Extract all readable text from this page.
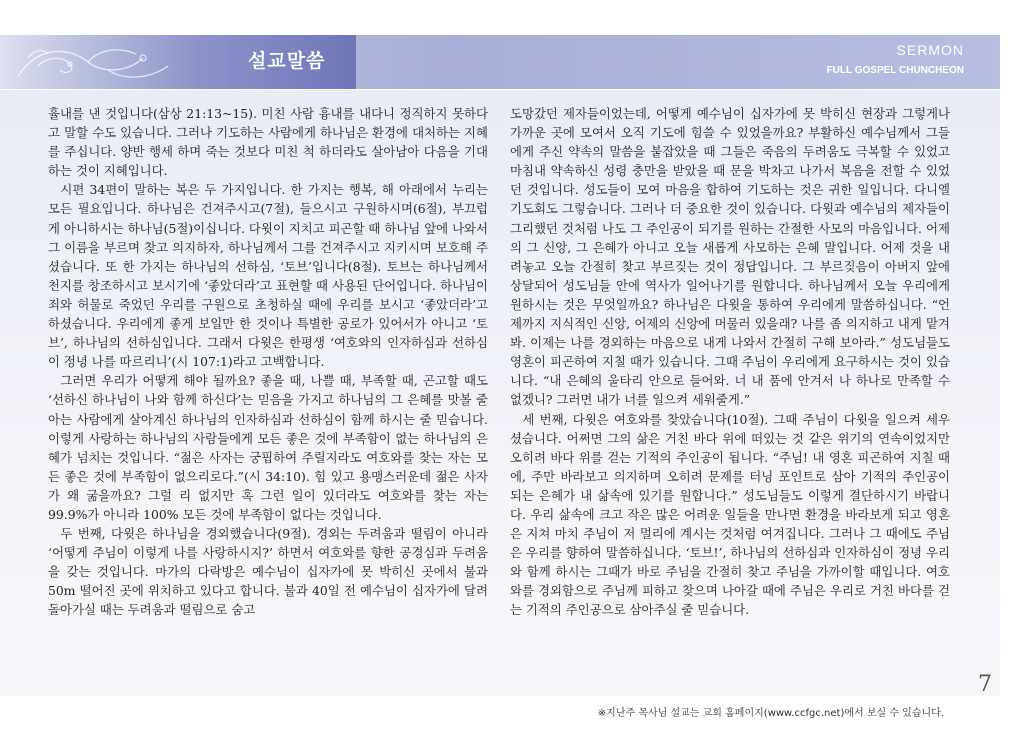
설교말씀	SERMON
FULL GOSPEL CHUNCHEON

휼내를 낸 것입니다(삼상 21:13~15). 미친 사람 흉내를 내다니 정직하지 못하다고 말할 수도 있습니다. 그러나 기도하는 사람에게 하나님은 환경에 대처하는 지혜를 주십니다. 양반 행세 하며 죽는 것보다 미친 척 하더라도 살아남아 다음을 기대하는 것이 지혜입니다.

시편 34편이 말하는 복은 두 가지입니다. 한 가지는 행복, 해 아래에서 누리는 모든 필요입니다. 하나님은 건져주시고(7절), 들으시고 구원하시며(6절), 부끄럽게 아니하시는 하나님(5절)이십니다. 다윗이 지치고 피곤할 때 하나님 앞에 나와서 그 이름을 부르며 찾고 의지하자, 하나님께서 그를 건져주시고 지키시며 보호해 주셨습니다. 또 한 가지는 하나님의 선하심, ‘토브’입니다(8절). 토브는 하나님께서 천지를 창조하시고 보시기에 ‘좋았더라’고 표현할 때 사용된 단어입니다. 하나님이 죄와 허물로 죽었던 우리를 구원으로 초청하실 때에 우리를 보시고 ‘좋았더라’고 하셨습니다. 우리에게 좋게 보일만 한 것이나 특별한 공로가 있어서가 아니고 ‘토브’, 하나님의 선하심입니다. 그래서 다윗은 한평생 ‘여호와의 인자하심과 선하심이 정녕 나를 따르리니’(시 107:1)라고 고백합니다.

그러면 우리가 어떻게 해야 될까요? 좋을 때, 나쁠 때, 부족할 때, 곤고할 때도 ‘선하신 하나님이 나와 함께 하신다’는 믿음을 가지고 하나님의 그 은혜를 맛볼 줄 아는 사람에게 살아계신 하나님의 인자하심과 선하심이 함께 하시는 줄 믿습니다. 이렇게 사랑하는 하나님의 사람들에게 모든 좋은 것에 부족함이 없는 하나님의 은혜가 넘치는 것입니다. “젊은 사자는 궁핍하여 주릴지라도 여호와를 찾는 자는 모든 좋은 것에 부족함이 없으리로다.”(시 34:10). 힘 있고 용맹스러운데 젊은 사자가 왜 굶을까요? 그럴 리 없지만 혹 그런 일이 있더라도 여호와를 찾는 자는 99.9%가 아니라 100% 모든 것에 부족함이 없다는 것입니다.

두 번째, 다윗은 하나님을 경외했습니다(9절). 경외는 두려움과 떨림이 아니라 ‘어떻게 주님이 이렇게 나를 사랑하시지?’ 하면서 여호와를 향한 공경심과 두려움을 갖는 것입니다. 마가의 다락방은 예수님이 십자가에 못 박히신 곳에서 불과 50m 떨어진 곳에 위치하고 있다고 합니다. 불과 40일 전 예수님이 십자가에 달려 돌아가실 때는 두려움과 떨림으로 숨고

도망갔던 제자들이었는데, 어떻게 예수님이 십자가에 못 박히신 현장과 그렇게나 가까운 곳에 모여서 오직 기도에 힘쓸 수 있었을까요? 부활하신 예수님께서 그들에게 주신 약속의 말씀을 붙잡았을 때 그들은 죽음의 두려움도 극복할 수 있었고 마침내 약속하신 성령 충만을 받았을 때 문을 박차고 나가서 복음을 전할 수 있었던 것입니다. 성도들이 모여 마음을 합하여 기도하는 것은 귀한 일입니다. 다니엘 기도회도 그렇습니다. 그러나 더 중요한 것이 있습니다. 다윗과 예수님의 제자들이 그리했던 것처럼 나도 그 주인공이 되기를 원하는 간절한 사모의 마음입니다. 어제의 그 신앙, 그 은혜가 아니고 오늘 새롭게 사모하는 은혜 말입니다. 어제 것을 내려놓고 오늘 간절히 찾고 부르짖는 것이 정답입니다. 그 부르짖음이 아버지 앞에 상달되어 성도님들 안에 역사가 일어나기를 원합니다. 하나님께서 오늘 우리에게 원하시는 것은 무엇일까요? 하나님은 다윗을 통하여 우리에게 말씀하십니다. “언제까지 지식적인 신앙, 어제의 신앙에 머물러 있을래? 나를 좀 의지하고 내게 맡겨봐. 이제는 나를 경외하는 마음으로 내게 나와서 간절히 구해 보아라.” 성도님들도 영혼이 피곤하여 지칠 때가 있습니다. 그때 주님이 우리에게 요구하시는 것이 있습니다. “내 은혜의 울타리 안으로 들어와. 너 내 품에 안겨서 나 하나로 만족할 수 없겠니? 그러면 내가 너를 일으켜 세워줄게.”

세 번째, 다윗은 여호와를 찾았습니다(10절). 그때 주님이 다윗을 일으켜 세우셨습니다. 어쩌면 그의 삶은 거친 바다 위에 떠있는 것 같은 위기의 연속이었지만 오히려 바다 위를 걷는 기적의 주인공이 됩니다. “주님! 내 영혼 피곤하여 지칠 때에, 주만 바라보고 의지하며 오히려 문제를 터닝 포인트로 삼아 기적의 주인공이 되는 은혜가 내 삶속에 있기를 원합니다.” 성도님들도 이렇게 결단하시기 바랍니다. 우리 삶속에 크고 작은 많은 어려운 일들을 만나면 환경을 바라보게 되고 영혼은 지쳐 마치 주님이 저 멀리에 계시는 것처럼 여겨집니다. 그러나 그 때에도 주님은 우리를 향하여 말씀하십니다. ‘토브!’, 하나님의 선하심과 인자하심이 정녕 우리와 함께 하시는 그때가 바로 주님을 간절히 찾고 주님을 가까이할 때입니다. 여호와를 경외함으로 주님께 피하고 찾으며 나아갈 때에 주님은 우리로 거친 바다를 걷는 기적의 주인공으로 삼아주실 줄 믿습니다.

7
※지난주 목사님 설교는 교회 홈페이지(www.ccfgc.net)에서 보실 수 있습니다.
